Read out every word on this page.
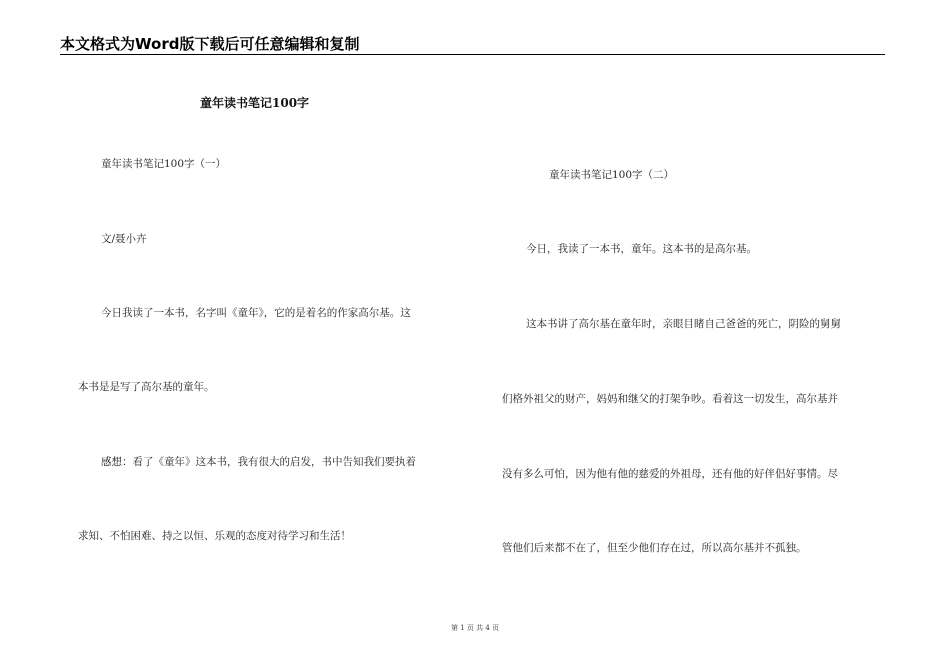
本文格式为Word版下载后可任意编辑和复制
童年读书笔记100字
童年读书笔记100字（一）
文/聂小卉
今日我读了一本书，名字叫《童年》，它的是着名的作家高尔基。这
本书是是写了高尔基的童年。
感想：看了《童年》这本书，我有很大的启发，书中告知我们要执着
求知、不怕困难、持之以恒、乐观的态度对待学习和生活！
童年读书笔记100字（二）
今日，我读了一本书，童年。这本书的是高尔基。
这本书讲了高尔基在童年时，亲眼目睹自己爸爸的死亡，阴险的舅舅
们格外祖父的财产，妈妈和继父的打架争吵。看着这一切发生，高尔基并
没有多么可怕，因为他有他的慈爱的外祖母，还有他的好伴侣好事情。尽
管他们后来都不在了，但至少他们存在过，所以高尔基并不孤独。
第 1 页 共 4 页
